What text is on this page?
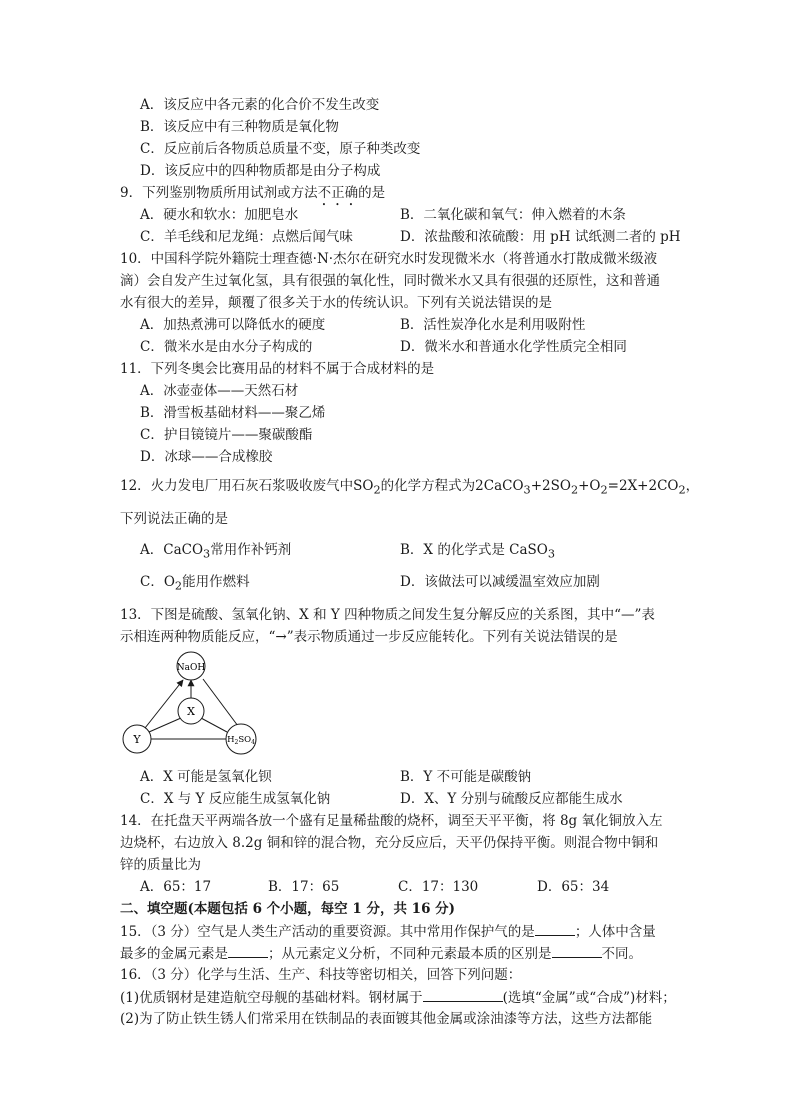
A．该反应中各元素的化合价不发生改变
B．该反应中有三种物质是氧化物
C．反应前后各物质总质量不变，原子种类改变
D．该反应中的四种物质都是由分子构成
9．下列鉴别物质所用试剂或方法不正确的是
A．硬水和软水：加肥皂水	B．二氧化碳和氧气：伸入燃着的木条
C．羊毛线和尼龙绳：点燃后闻气味	D．浓盐酸和浓硫酸：用 pH 试纸测二者的 pH
10．中国科学院外籍院士理查德·N·杰尔在研究水时发现微米水（将普通水打散成微米级液
滴）会自发产生过氧化氢，具有很强的氧化性，同时微米水又具有很强的还原性，这和普通
水有很大的差异，颠覆了很多关于水的传统认识。下列有关说法错误的是
A．加热煮沸可以降低水的硬度	B．活性炭净化水是利用吸附性
C．微米水是由水分子构成的	D．微米水和普通水化学性质完全相同
11．下列冬奥会比赛用品的材料不属于合成材料的是
A．冰壶壶体——天然石材
B．滑雪板基础材料——聚乙烯
C．护目镜镜片——聚碳酸酯
D．冰球——合成橡胶
12．火力发电厂用石灰石浆吸收废气中$SO_2$的化学方程式为$2CaCO_3+2SO_2+O_2=2X+2CO_2$，
下列说法正确的是
A．CaCO$_3$常用作补钙剂	B．X 的化学式是 CaSO$_3$
C．$O_2$能用作燃料	D．该做法可以减缓温室效应加剧
13．下图是硫酸、氢氧化钠、X 和 Y 四种物质之间发生复分解反应的关系图，其中“—”表
示相连两种物质能反应，“→”表示物质通过一步反应能转化。下列有关说法错误的是
NaOH
X
Y	$H_2SO_4$
A．X 可能是氢氧化钡	B．Y 不可能是碳酸钠
C．X 与 Y 反应能生成氢氧化钠	D．X、Y 分别与硫酸反应都能生成水
14．在托盘天平两端各放一个盛有足量稀盐酸的烧杯，调至天平平衡，将 8g 氧化铜放入左
边烧杯，右边放入 8.2g 铜和锌的混合物，充分反应后，天平仍保持平衡。则混合物中铜和
锌的质量比为
A．65：17	B．17：65	C．17：130	D．65：34
二、填空题(本题包括 6 个小题，每空 1 分，共 16 分)
15．（3 分）空气是人类生产活动的重要资源。其中常用作保护气的是	；人体中含量
最多的金属元素是	；从元素定义分析，不同种元素最本质的区别是	不同。
16．（3 分）化学与生活、生产、科技等密切相关，回答下列问题：
(1)优质钢材是建造航空母舰的基础材料。钢材属于	(选填“金属”或“合成”)材料；
(2)为了防止铁生锈人们常采用在铁制品的表面镀其他金属或涂油漆等方法，这些方法都能
